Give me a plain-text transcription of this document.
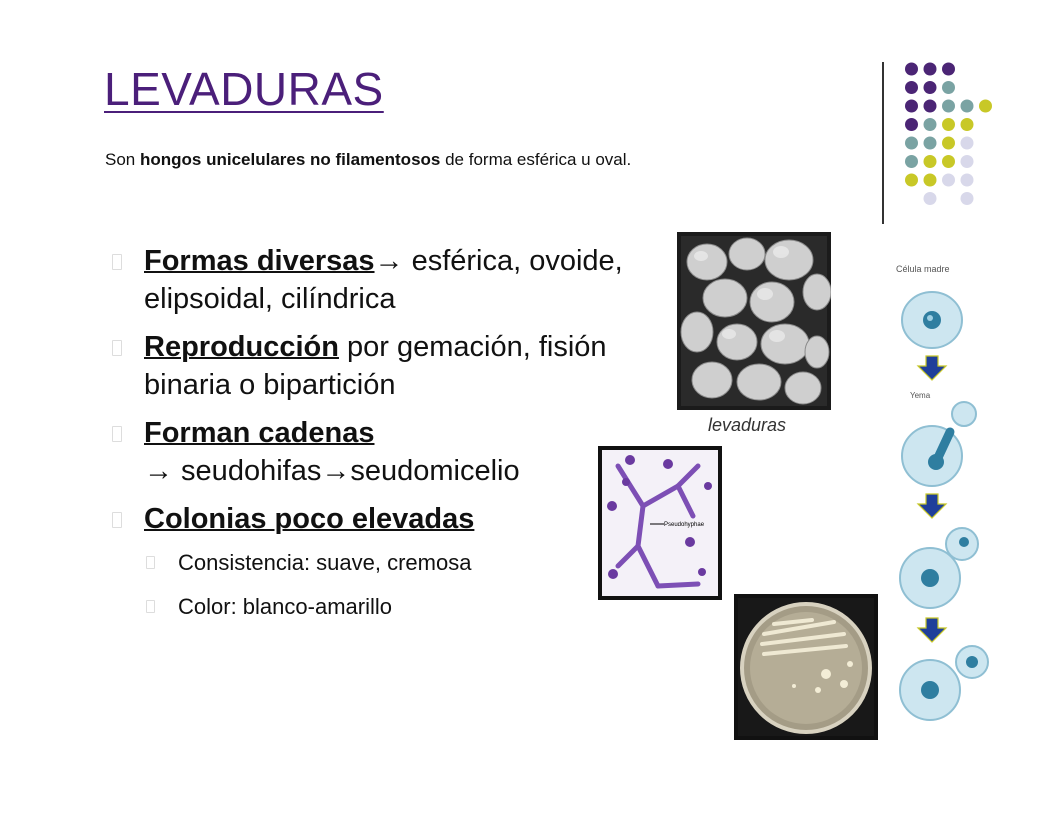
LEVADURAS
Son hongos unicelulares no filamentosos de forma esférica u oval.
Formas diversas→ esférica, ovoide, elipsoidal, cilíndrica
Reproducción por gemación, fisión binaria o bipartición
Forman cadenas
→ seudohifas→seudomicelio
Colonias poco elevadas
Consistencia: suave, cremosa
Color: blanco-amarillo
levaduras
Pseudohyphae
Célula madre
Yema
